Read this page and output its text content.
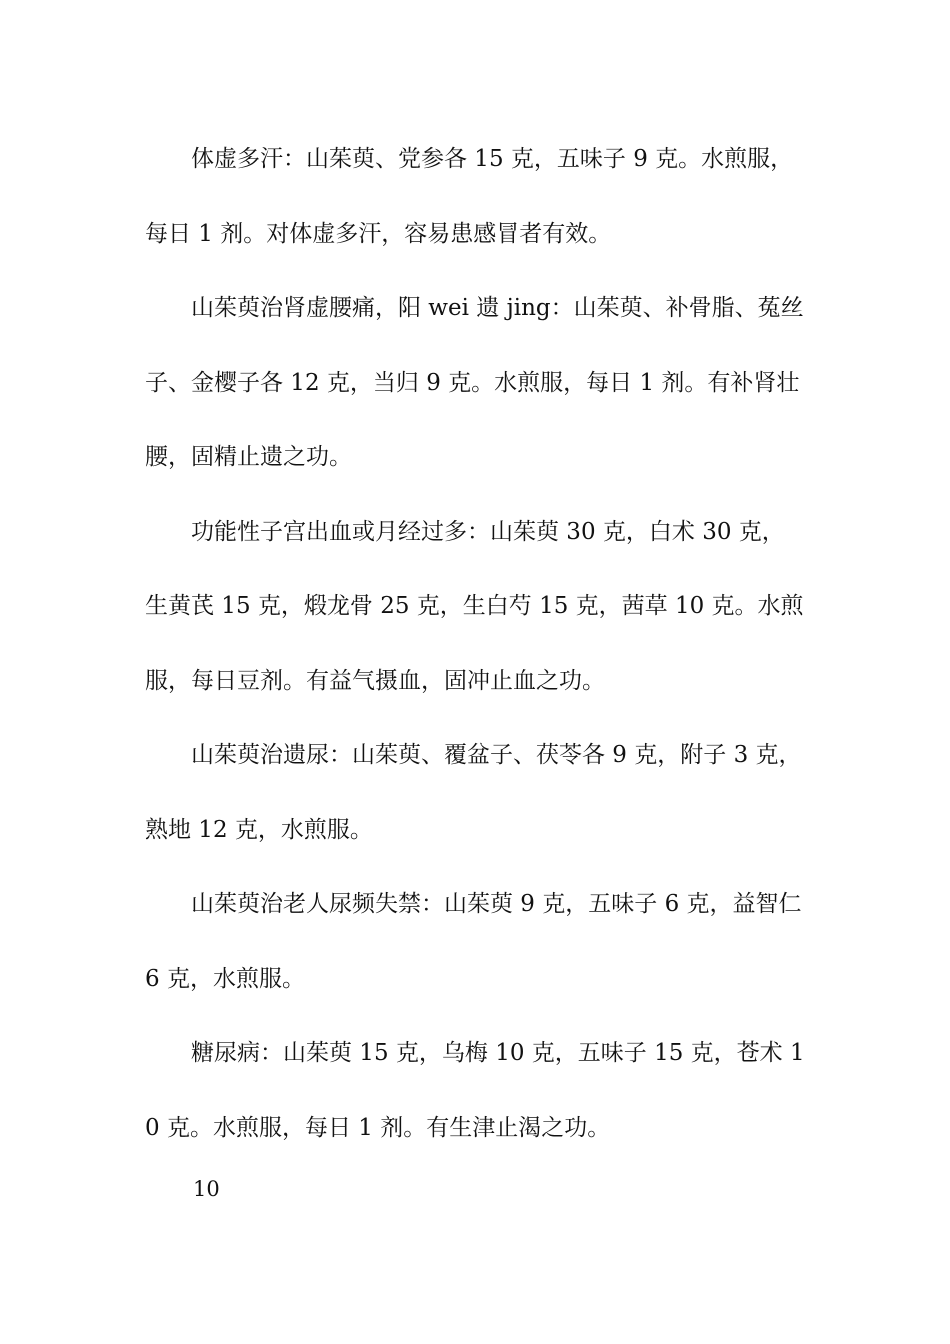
体虚多汗：山茱萸、党参各 15 克，五味子 9 克。水煎服，每日 1 剂。对体虚多汗，容易患感冒者有效。

山茱萸治肾虚腰痛，阳 wei 遗 jing：山茱萸、补骨脂、菟丝子、金樱子各 12 克，当归 9 克。水煎服，每日 1 剂。有补肾壮腰，固精止遗之功。

功能性子宫出血或月经过多：山茱萸 30 克，白术 30 克，生黄芪 15 克，煅龙骨 25 克，生白芍 15 克，茜草 10 克。水煎服，每日豆剂。有益气摄血，固冲止血之功。

山茱萸治遗尿：山茱萸、覆盆子、茯苓各 9 克，附子 3 克，熟地 12 克，水煎服。

山茱萸治老人尿频失禁：山茱萸 9 克，五味子 6 克，益智仁 6 克，水煎服。

糖尿病：山茱萸 15 克，乌梅 10 克，五味子 15 克，苍术 10 克。水煎服，每日 1 剂。有生津止渴之功。

10
